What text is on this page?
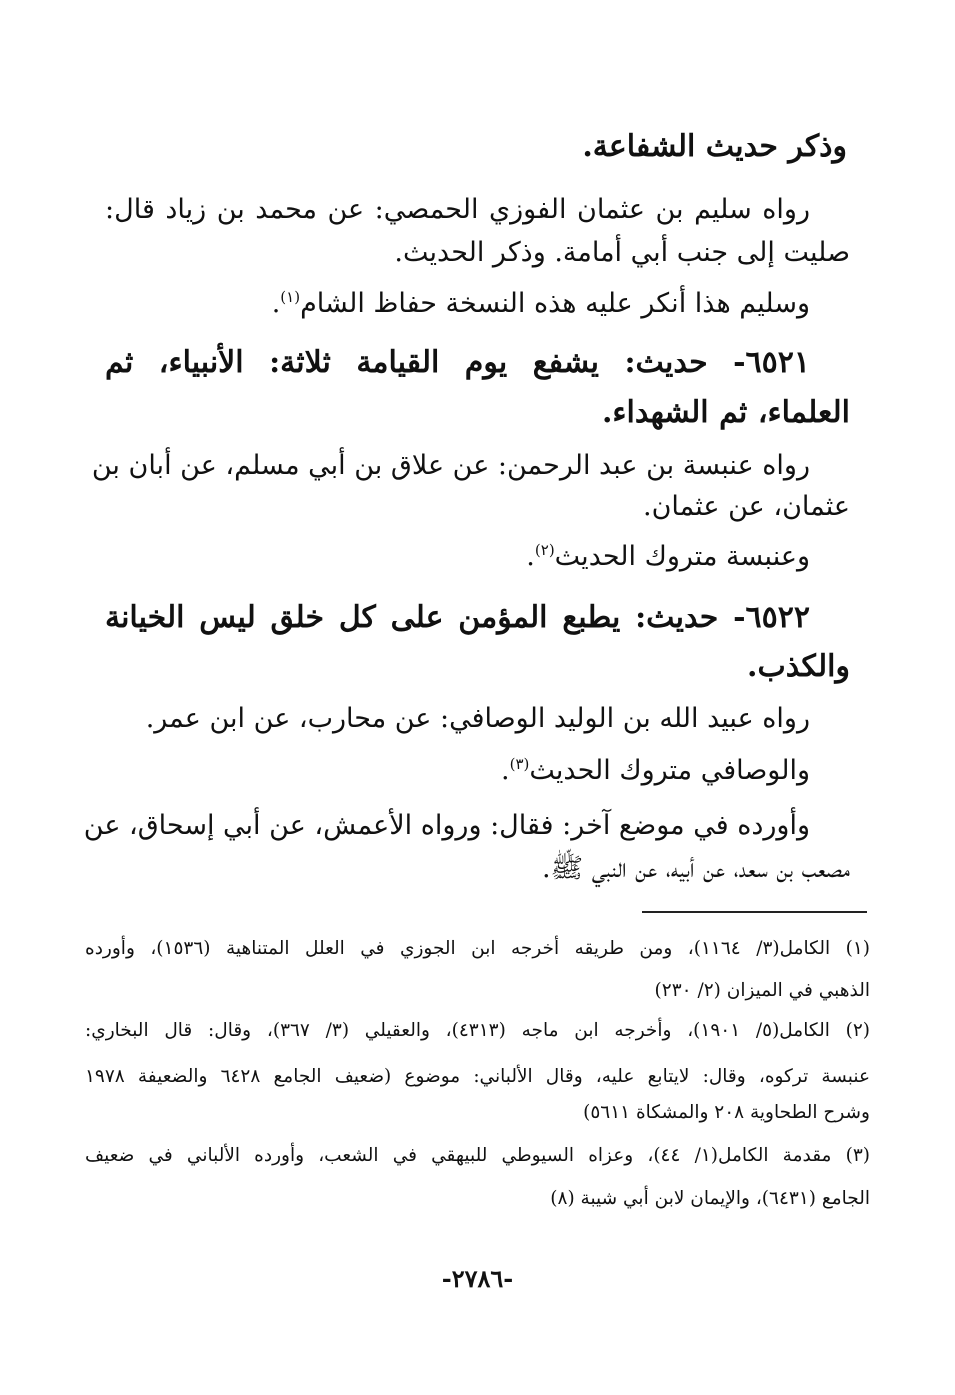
وذكر حديث الشفاعة.
رواه سليم بن عثمان الفوزي الحمصي: عن محمد بن زياد قال:
صليت إلى جنب أبي أمامة. وذكر الحديث.
وسليم هذا أنكر عليه هذه النسخة حفاظ الشام$^{(١)}$.
٦٥٢١- حديث: يشفع يوم القيامة ثلاثة: الأنبياء، ثم
العلماء، ثم الشهداء.
رواه عنبسة بن عبد الرحمن: عن علاق بن أبي مسلم، عن أبان بن
عثمان، عن عثمان.
وعنبسة متروك الحديث$^{(٢)}$.
٦٥٢٢- حديث: يطبع المؤمن على كل خلق ليس الخيانة
والكذب.
رواه عبيد الله بن الوليد الوصافي: عن محارب، عن ابن عمر.
والوصافي متروك الحديث$^{(٣)}$.
وأورده في موضع آخر: فقال: ورواه الأعمش، عن أبي إسحاق، عن
مصعب بن سعد، عن أبيه، عن النبي ﷺ.
(١) الكامل(٣/ ١١٦٤)، ومن طريقه أخرجه ابن الجوزي في العلل المتناهية (١٥٣٦)، وأورده
الذهبي في الميزان (٢/ ٢٣٠)
(٢) الكامل(٥/ ١٩٠١)، وأخرجه ابن ماجه (٤٣١٣)، والعقيلي (٣/ ٣٦٧)، وقال: قال البخاري:
عنبسة تركوه، وقال: لايتابع عليه، وقال الألباني: موضوع (ضعيف الجامع ٦٤٢٨ والضعيفة ١٩٧٨
وشرح الطحاوية ٢٠٨ والمشكاة ٥٦١١)
(٣) مقدمة الكامل(١/ ٤٤)، وعزاه السيوطي للبيهقي في الشعب، وأورده الألباني في ضعيف
الجامع (٦٤٣١)، والإيمان لابن أبي شيبة (٨)
-٢٧٨٦-
